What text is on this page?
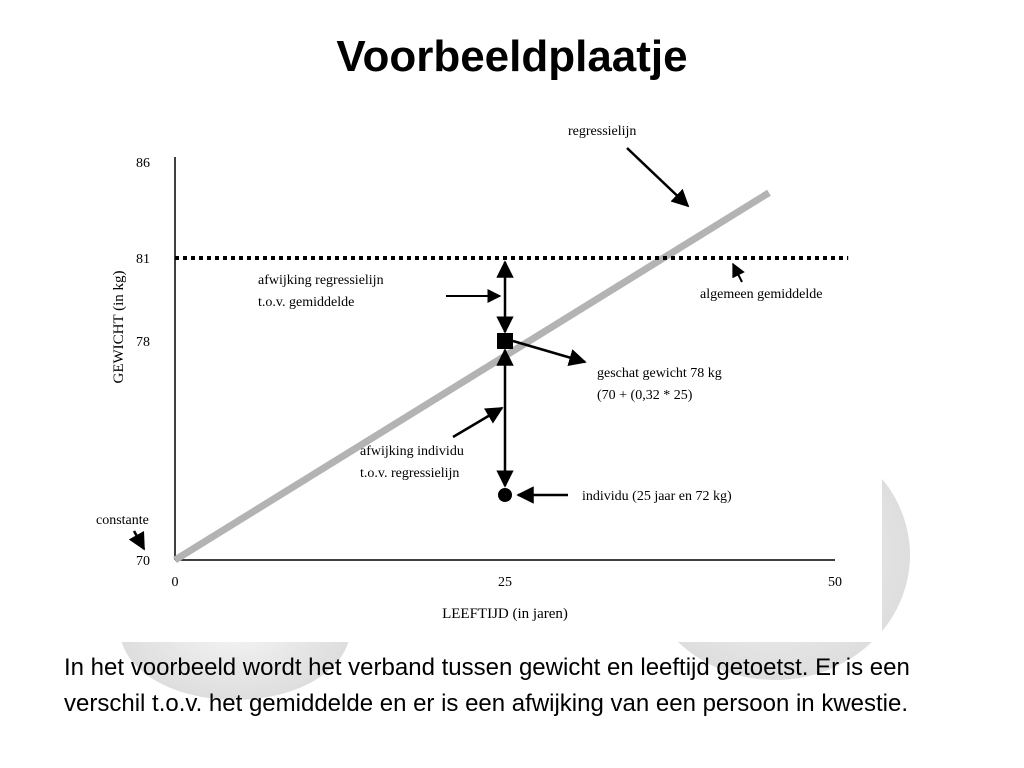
Voorbeeldplaatje
70
78
81
86
0	25	50
LEEFTIJD (in jaren)
GEWICHT (in kg)
regressielijn
algemeen gemiddelde
afwijking regressielijn t.o.v. gemiddelde
geschat gewicht 78 kg (70 + (0,32 * 25)
afwijking individu t.o.v. regressielijn
individu (25 jaar en 72 kg)
constante
In het voorbeeld wordt het verband tussen gewicht en leeftijd getoetst. Er is een verschil t.o.v. het gemiddelde en er is een afwijking van een persoon in kwestie.
